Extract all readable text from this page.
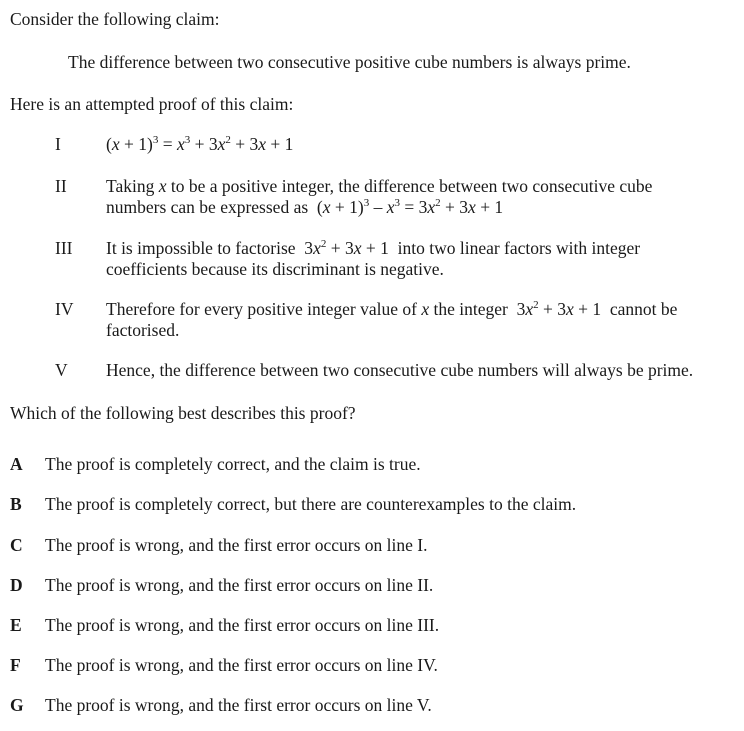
Consider the following claim:
The difference between two consecutive positive cube numbers is always prime.
Here is an attempted proof of this claim:
I	$(x + 1)^3 = x^3 + 3x^2 + 3x + 1$
II Taking x to be a positive integer, the difference between two consecutive cube
numbers can be expressed as  $(x + 1)^3 - x^3 = 3x^2 + 3x + 1$
III It is impossible to factorise  $3x^2 + 3x + 1$  into two linear factors with integer
coefficients because its discriminant is negative.
IV Therefore for every positive integer value of x the integer  $3x^2 + 3x + 1$  cannot be
factorised.
V Hence, the difference between two consecutive cube numbers will always be prime.
Which of the following best describes this proof?
A The proof is completely correct, and the claim is true.
B The proof is completely correct, but there are counterexamples to the claim.
C The proof is wrong, and the first error occurs on line I.
D The proof is wrong, and the first error occurs on line II.
E The proof is wrong, and the first error occurs on line III.
F The proof is wrong, and the first error occurs on line IV.
G The proof is wrong, and the first error occurs on line V.
